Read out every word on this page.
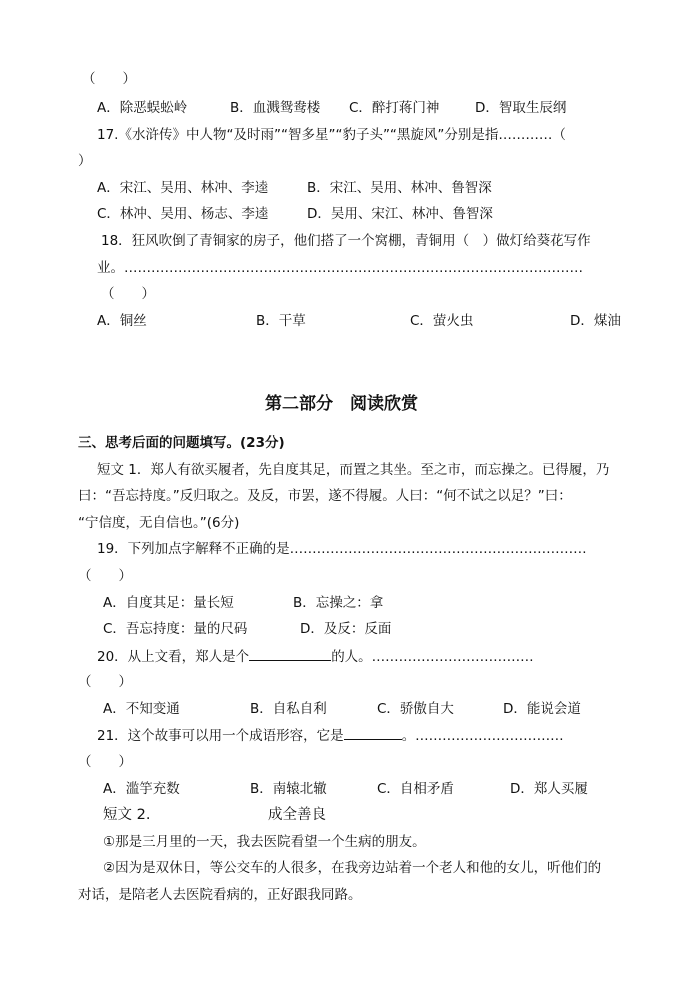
（　　）
A．除恶蜈蚣岭	B．血溅鸳鸯楼 C．醉打蒋门神	D．智取生辰纲
17.《水浒传》中人物“及时雨”“智多星”“豹子头”“黑旋风”分别是指…………（
）
A．宋江、吴用、林冲、李逵	B．宋江、吴用、林冲、鲁智深
C．林冲、吴用、杨志、李逵	D．吴用、宋江、林冲、鲁智深
18．狂风吹倒了青铜家的房子，他们搭了一个窝棚，青铜用（　）做灯给葵花写作
业。…………………………………………………………………………………………
（　　）
A．铜丝	B．干草	C．萤火虫	D．煤油
第二部分　阅读欣赏
三、思考后面的问题填写。(23分)
短文 1．郑人有欲买履者，先自度其足，而置之其坐。至之市，而忘操之。已得履，乃
曰：“吾忘持度。”反归取之。及反，市罢，遂不得履。人曰：“何不试之以足？”曰：
“宁信度，无自信也。”(6分)
19．下列加点字解释不正确的是…………………………………………………………
（　　）
A．自度其足：量长短	B．忘操之：拿
C．吾忘持度：量的尺码	D．及反：反面
20．从上文看，郑人是个	的人。………………………………
（　　）
A．不知变通	B．自私自利	C．骄傲自大	D．能说会道
21．这个故事可以用一个成语形容，它是	。……………………………
（　　）
A．滥竽充数	B．南辕北辙	C．自相矛盾	D．郑人买履
短文 2.	成全善良
①那是三月里的一天，我去医院看望一个生病的朋友。
②因为是双休日，等公交车的人很多，在我旁边站着一个老人和他的女儿，听他们的
对话，是陪老人去医院看病的，正好跟我同路。
